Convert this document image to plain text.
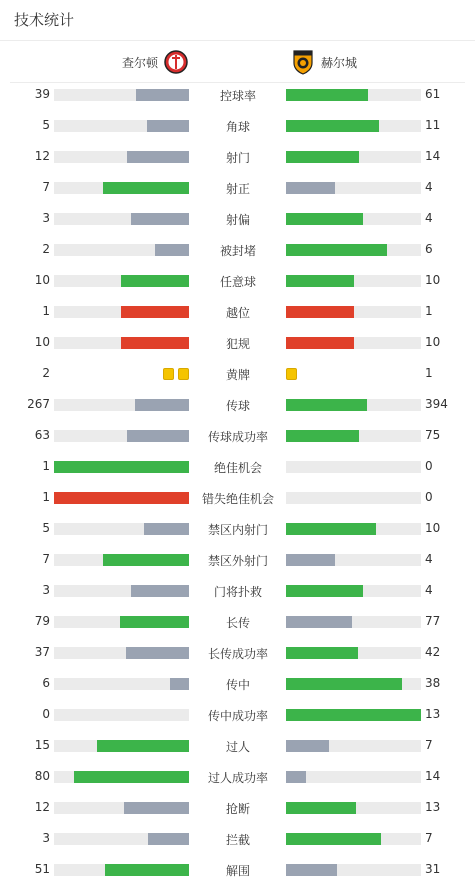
技术统计
查尔顿	赫尔城
39	控球率	61
5	角球	11
12	射门	14
7	射正	4
3	射偏	4
2	被封堵	6
10	任意球	10
1	越位	1
10	犯规	10
2	黄牌	1
267	传球	394
63	传球成功率	75
1	绝佳机会	0
1	错失绝佳机会	0
5	禁区内射门	10
7	禁区外射门	4
3	门将扑救	4
79	长传	77
37	长传成功率	42
6	传中	38
0	传中成功率	13
15	过人	7
80	过人成功率	14
12	抢断	13
3	拦截	7
51	解围	31
